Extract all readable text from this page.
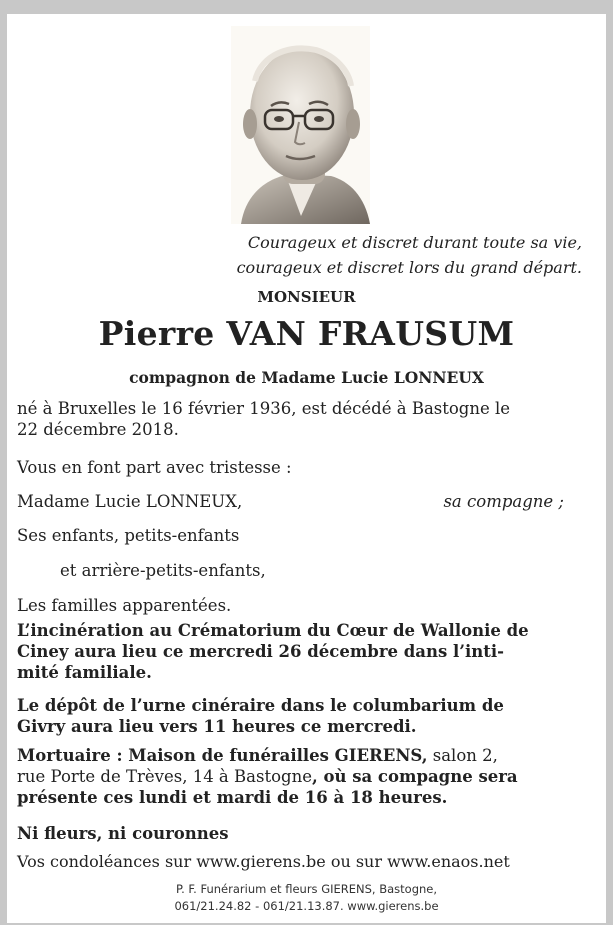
Courageux et discret durant toute sa vie,
courageux et discret lors du grand départ.
MONSIEUR
Pierre VAN FRAUSUM
compagnon de Madame Lucie LONNEUX
né à Bruxelles le 16 février 1936, est décédé à Bastogne le
22 décembre 2018.
Vous en font part avec tristesse :
Madame Lucie LONNEUX,	sa compagne ;
Ses enfants, petits-enfants
et arrière-petits-enfants,
Les familles apparentées.
L’incinération au Crématorium du Cœur de Wallonie de
Ciney aura lieu ce mercredi 26 décembre dans l’inti-
mité familiale.
Le dépôt de l’urne cinéraire dans le columbarium de
Givry aura lieu vers 11 heures ce mercredi.
Mortuaire : Maison de funérailles GIERENS, salon 2,
rue Porte de Trèves, 14 à Bastogne, où sa compagne sera
présente ces lundi et mardi de 16 à 18 heures.
Ni fleurs, ni couronnes
Vos condoléances sur www.gierens.be ou sur www.enaos.net
P. F. Funérarium et fleurs GIERENS, Bastogne,
061/21.24.82 - 061/21.13.87. www.gierens.be
